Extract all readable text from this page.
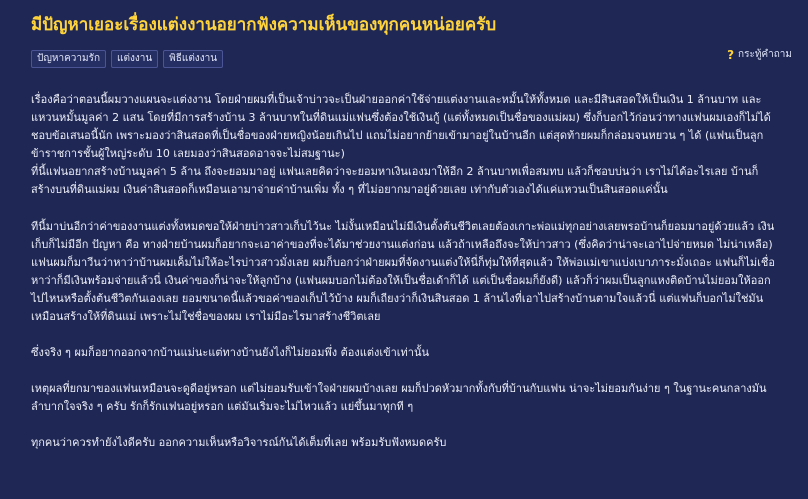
มีปัญหาเยอะเรื่องแต่งงานอยากฟังความเห็นของทุกคนหน่อยครับ
ปัญหาความรัก	แต่งงาน	พิธีแต่งงาน	? กระทู้คำถาม

เรื่องคือว่าตอนนี้ผมวางแผนจะแต่งงาน โดยฝ่ายผมที่เป็นเจ้าบ่าวจะเป็นฝ่ายออกค่าใช้จ่ายแต่งงานและหมั้นให้ทั้งหมด และมีสินสอดให้เป็นเงิน 1 ล้านบาท และแหวนหมั้นมูลค่า 2 แสน โดยที่มีการสร้างบ้าน 3 ล้านบาทในที่ดินแม่แฟนซึ่งต้องใช้เงินกู้ (แต่ทั้งหมดเป็นชื่อของแม่ผม) ซึ่งก็บอกไว้ก่อนว่าทางแฟนผมเองก็ไม่ได้ชอบข้อเสนอนี้นัก เพราะมองว่าสินสอดที่เป็นชื่อของฝ่ายหญิงน้อยเกินไป แถมไม่อยากย้ายเข้ามาอยู่ในบ้านอีก แต่สุดท้ายผมก็กล่อมจนหยวน ๆ ได้ (แฟนเป็นลูกข้าราชการชั้นผู้ใหญ่ระดับ 10 เลยมองว่าสินสอดอาจจะไม่สมฐานะ)
ที่นี้แฟนอยากสร้างบ้านมูลค่า 5 ล้าน ถึงจะยอมมาอยู่ แฟนเลยคิดว่าจะยอมหาเงินเองมาให้อีก 2 ล้านบาทเพื่อสมทบ แล้วก็ชอบบ่นว่า เราไม่ได้อะไรเลย บ้านก็สร้างบนที่ดินแม่ผม เงินค่าสินสอดก็เหมือนเอามาจ่ายค่าบ้านเพิ่ม ทั้ง ๆ ที่ไม่อยากมาอยู่ด้วยเลย เท่ากับตัวเองได้แค่แหวนเป็นสินสอดแค่นั้น

ทีนี้มาบ่นอีกว่าค่าของงานแต่งทั้งหมดขอให้ฝ่ายบ่าวสาวเก็บไว้นะ ไม่งั้นเหมือนไม่มีเงินตั้งต้นชีวิตเลยต้องเกาะพ่อแม่ทุกอย่างเลยพรอบ้านก็ยอมมาอยู่ด้วยแล้ว เงินเก็บก็ไม่มีอีก ปัญหา คือ ทางฝ่ายบ้านผมก็อยากจะเอาค่าของที่จะได้มาช่วยงานแต่งก่อน แล้วถ้าเหลือถึงจะให้บ่าวสาว (ซึ่งคิดว่าน่าจะเอาไปจ่ายหมด ไม่น่าเหลือ) แฟนผมก็มาวีนว่าหาว่าบ้านผมเค็มไม่ให้อะไรบ่าวสาวมั่งเลย ผมก็บอกว่าฝ่ายผมที่จัดงานแต่งให้นี่ก็ทุ่มให้ที่สุดแล้ว ให้พ่อแม่เขาแบ่งเบาภาระมั่งเถอะ แฟนก็ไม่เชื่อหาว่าก็มีเงินพร้อมจ่ายแล้วนี่ เงินค่าของก็น่าจะให้ลูกบ้าง (แฟนผมบอกไม่ต้องให้เป็นชื่อเด้าก็ได้ แต่เป็นชื่อผมก็ยังดี) แล้วก็ว่าผมเป็นลูกแหงติดบ้านไม่ยอมให้ออกไปไหนหรือตั้งต้นชีวิตกันเองเลย ยอมขนาดนี้แล้วขอค่าของเก็บไว้บ้าง ผมก็เถียงว่าก็เงินสินสอด 1 ล้านไงที่เอาไปสร้างบ้านตามใจแล้วนี่ แต่แฟนก็บอกไม่ใช่มันเหมือนสร้างให้ที่ดินแม่ เพราะไม่ใช่ชื่อของผม เราไม่มีอะไรมาสร้างชีวิตเลย

ซึ่งจริง ๆ ผมก็อยากออกจากบ้านแม่นะแต่ทางบ้านยังไงก็ไม่ยอมพึ่ง ต้องแต่งเข้าเท่านั้น

เหตุผลที่ยกมาของแฟนเหมือนจะดูดีอยู่หรอก แต่ไม่ยอมรับเข้าใจฝ่ายผมบ้างเลย ผมก็ปวดหัวมากทั้งกับที่บ้านกับแฟน น่าจะไม่ยอมกันง่าย ๆ ในฐานะคนกลางมันลำบากใจจริง ๆ ครับ รักก็รักแฟนอยู่หรอก แต่มันเริ่มจะไม่ไหวแล้ว แย่ขึ้นมาทุกที ๆ

ทุกคนว่าควรทำยังไงดีครับ ออกความเห็นหรือวิจารณ์กันได้เต็มที่เลย พร้อมรับฟังหมดครับ
